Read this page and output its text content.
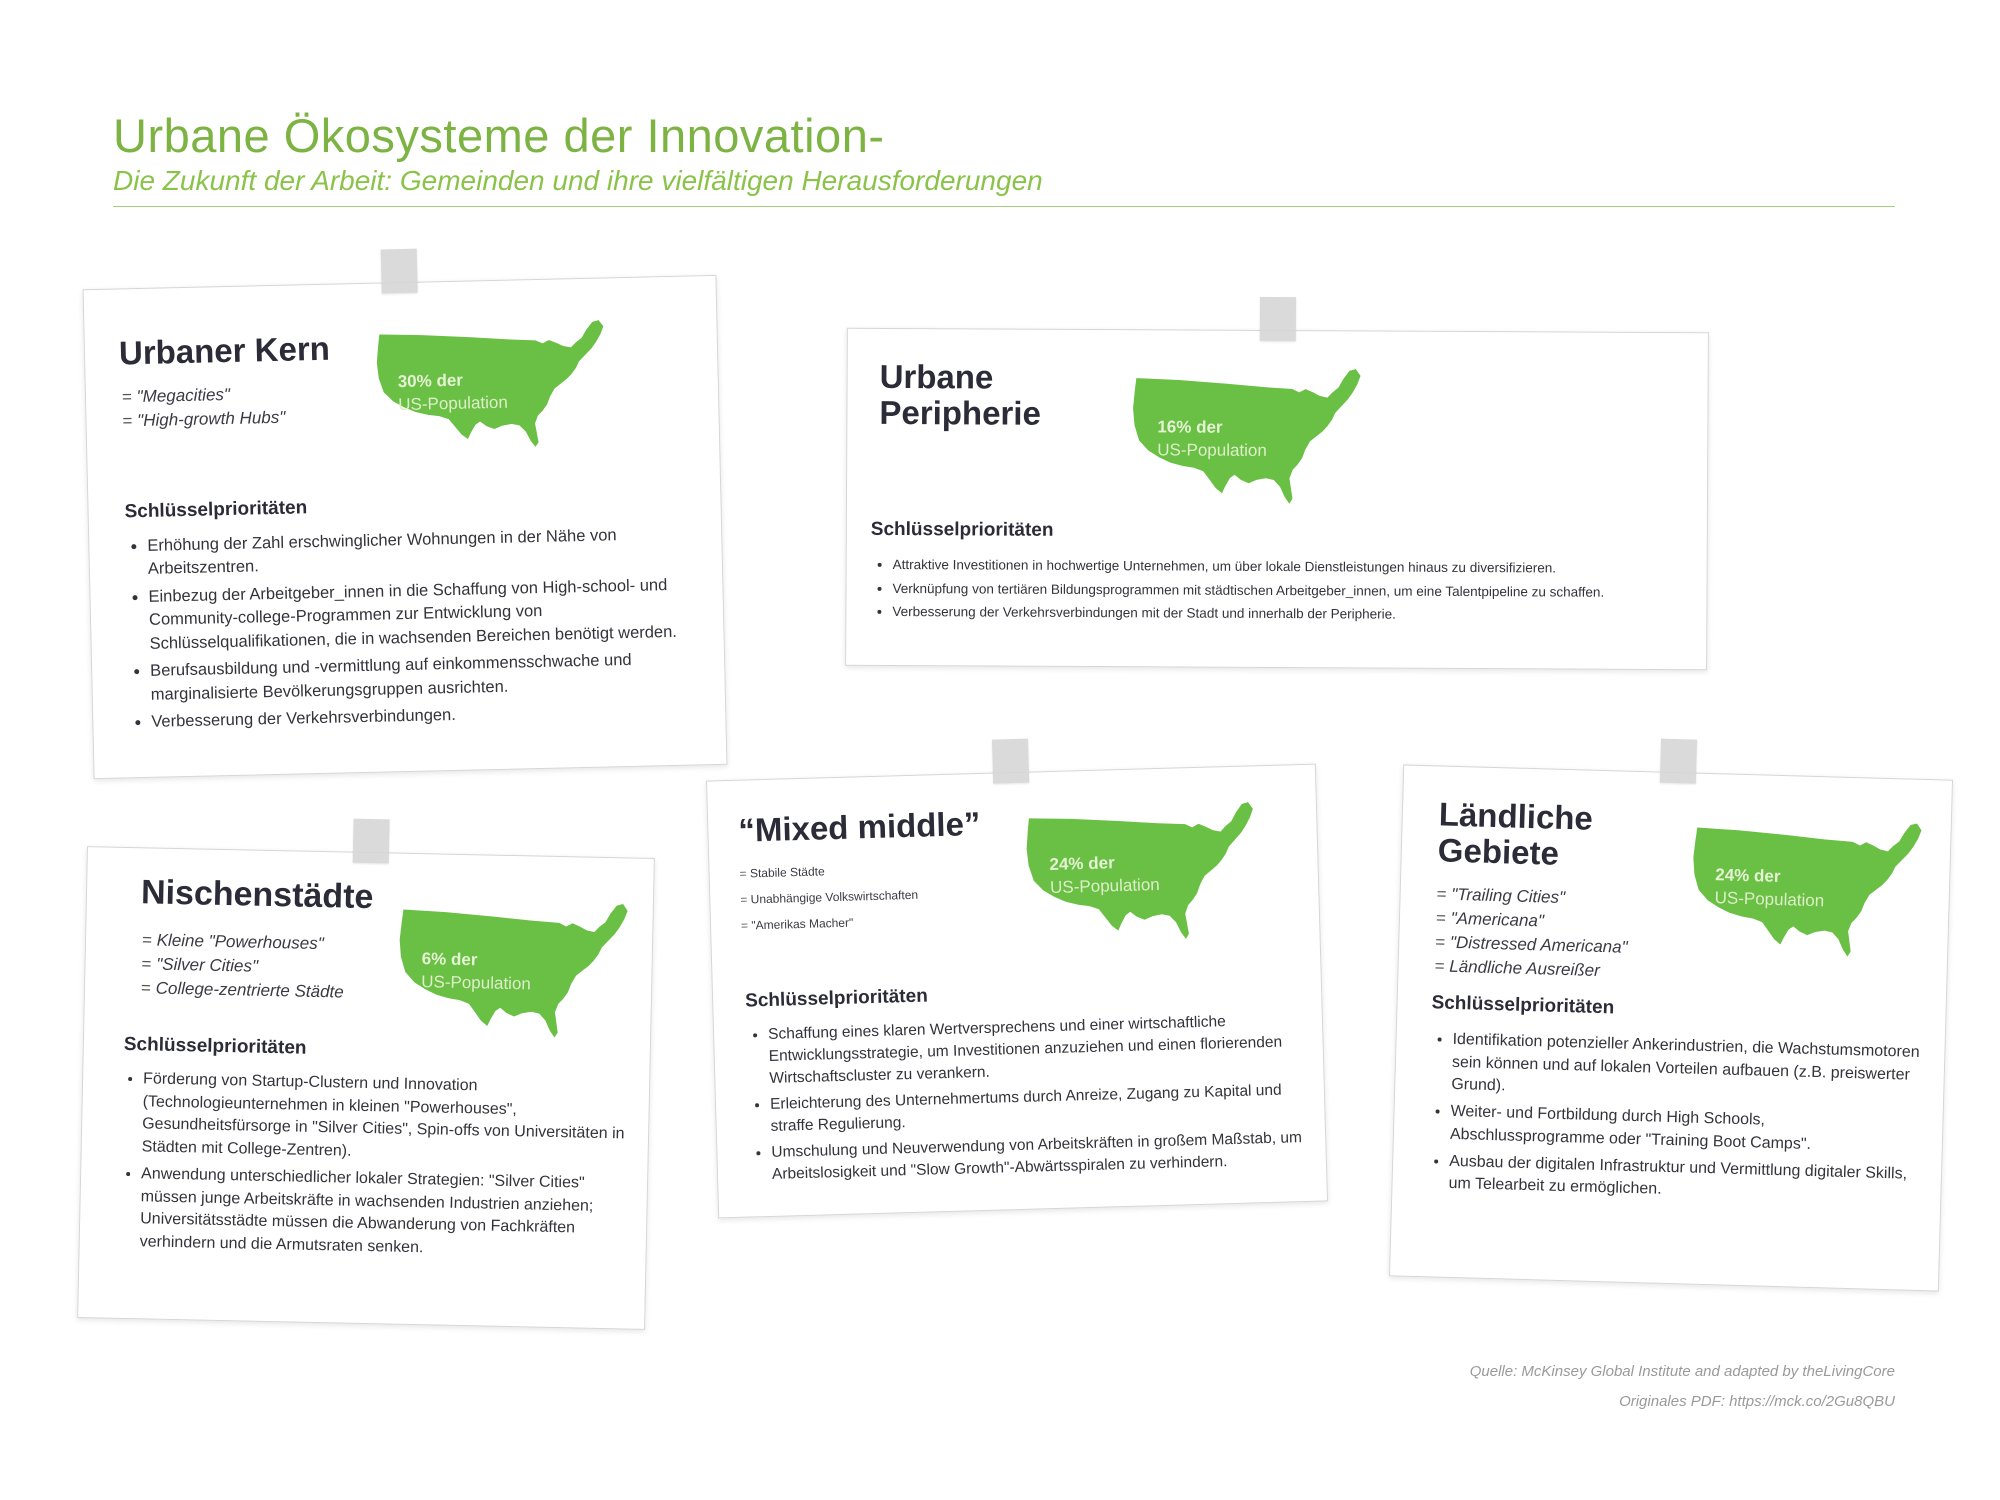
Urbane Ökosysteme der Innovation-
Die Zukunft der Arbeit: Gemeinden und ihre vielfältigen Herausforderungen
Urbaner Kern
= "Megacities"
= "High-growth Hubs"
30% der
US-Population
Schlüsselprioritäten
• Erhöhung der Zahl erschwinglicher Wohnungen in der Nähe von Arbeitszentren.
• Einbezug der Arbeitgeber_innen in die Schaffung von High-school- und Community-college-Programmen zur Entwicklung von Schlüsselqualifikationen, die in wachsenden Bereichen benötigt werden.
• Berufsausbildung und -vermittlung auf einkommensschwache und marginalisierte Bevölkerungsgruppen ausrichten.
• Verbesserung der Verkehrsverbindungen.
Urbane
Peripherie	16% der
US-Population
Schlüsselprioritäten
• Attraktive Investitionen in hochwertige Unternehmen, um über lokale Dienstleistungen hinaus zu diversifizieren.
• Verknüpfung von tertiären Bildungsprogrammen mit städtischen Arbeitgeber_innen, um eine Talentpipeline zu schaffen.
• Verbesserung der Verkehrsverbindungen mit der Stadt und innerhalb der Peripherie.
Nischenstädte
= Kleine "Powerhouses"
= "Silver Cities"
= College-zentrierte Städte
6% der
US-Population
Schlüsselprioritäten
• Förderung von Startup-Clustern und Innovation (Technologieunternehmen in kleinen "Powerhouses", Gesundheitsfürsorge in "Silver Cities", Spin-offs von Universitäten in Städten mit College-Zentren).
• Anwendung unterschiedlicher lokaler Strategien: "Silver Cities" müssen junge Arbeitskräfte in wachsenden Industrien anziehen; Universitätsstädte müssen die Abwanderung von Fachkräften verhindern und die Armutsraten senken.
“Mixed middle”
= Stabile Städte
= Unabhängige Volkswirtschaften
= "Amerikas Macher"
24% der
US-Population
Schlüsselprioritäten
• Schaffung eines klaren Wertversprechens und einer wirtschaftliche Entwicklungsstrategie, um Investitionen anzuziehen und einen florierenden Wirtschaftscluster zu verankern.
• Erleichterung des Unternehmertums durch Anreize, Zugang zu Kapital und straffe Regulierung.
• Umschulung und Neuverwendung von Arbeitskräften in großem Maßstab, um Arbeitslosigkeit und "Slow Growth"-Abwärtsspiralen zu verhindern.
Ländliche
Gebiete
= "Trailing Cities"
= "Americana"
= "Distressed Americana"
= Ländliche Ausreißer
24% der
US-Population
Schlüsselprioritäten
• Identifikation potenzieller Ankerindustrien, die Wachstumsmotoren sein können und auf lokalen Vorteilen aufbauen (z.B. preiswerter Grund).
• Weiter- und Fortbildung durch High Schools, Abschlussprogramme oder "Training Boot Camps".
• Ausbau der digitalen Infrastruktur und Vermittlung digitaler Skills, um Telearbeit zu ermöglichen.
Quelle: McKinsey Global Institute and adapted by theLivingCore
Originales PDF: https://mck.co/2Gu8QBU
